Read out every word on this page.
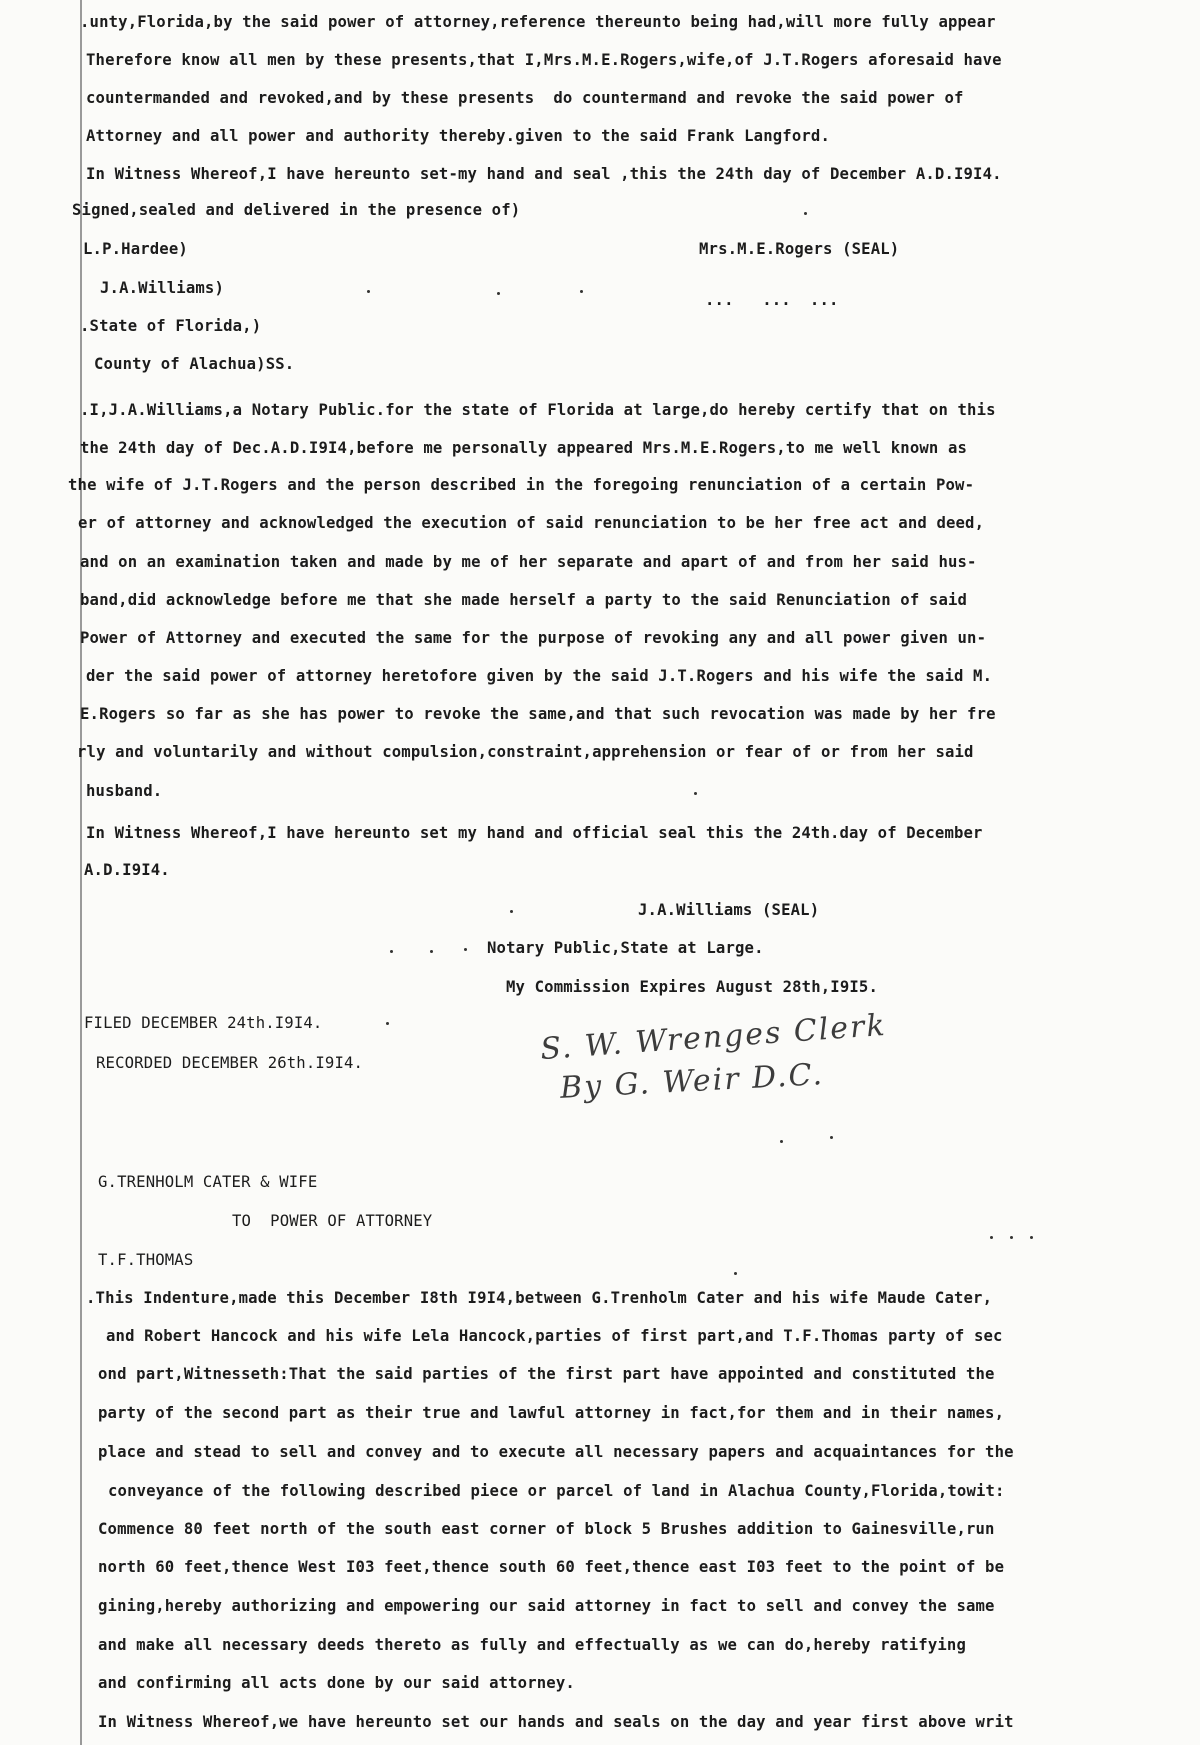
.unty,Florida,by the said power of attorney,reference thereunto being had,will more fully appear
Therefore know all men by these presents,that I,Mrs.M.E.Rogers,wife,of J.T.Rogers aforesaid have
countermanded and revoked,and by these presents  do countermand and revoke the said power of
Attorney and all power and authority thereby.given to the said Frank Langford.
In Witness Whereof,I have hereunto set-my hand and seal ,this the 24th day of December A.D.I9I4.
Signed,sealed and delivered in the presence of)
L.P.Hardee)	Mrs.M.E.Rogers (SEAL)
J.A.Williams)
...   ...  ...
.State of Florida,)
County of Alachua)SS.
.I,J.A.Williams,a Notary Public.for the state of Florida at large,do hereby certify that on this
the 24th day of Dec.A.D.I9I4,before me personally appeared Mrs.M.E.Rogers,to me well known as
the wife of J.T.Rogers and the person described in the foregoing renunciation of a certain Pow-
er of attorney and acknowledged the execution of said renunciation to be her free act and deed,
and on an examination taken and made by me of her separate and apart of and from her said hus-
band,did acknowledge before me that she made herself a party to the said Renunciation of said
Power of Attorney and executed the same for the purpose of revoking any and all power given un-
der the said power of attorney heretofore given by the said J.T.Rogers and his wife the said M.
E.Rogers so far as she has power to revoke the same,and that such revocation was made by her fre
rly and voluntarily and without compulsion,constraint,apprehension or fear of or from her said
husband.
In Witness Whereof,I have hereunto set my hand and official seal this the 24th.day of December
A.D.I9I4.
J.A.Williams (SEAL)
Notary Public,State at Large.
My Commission Expires August 28th,I9I5.
FILED DECEMBER 24th.I9I4.
RECORDED DECEMBER 26th.I9I4.	S. W. Wrenges Clerk
By G. Weir D.C.
G.TRENHOLM CATER & WIFE
TO  POWER OF ATTORNEY
T.F.THOMAS
.This Indenture,made this December I8th I9I4,between G.Trenholm Cater and his wife Maude Cater,
and Robert Hancock and his wife Lela Hancock,parties of first part,and T.F.Thomas party of sec
ond part,Witnesseth:That the said parties of the first part have appointed and constituted the
party of the second part as their true and lawful attorney in fact,for them and in their names,
place and stead to sell and convey and to execute all necessary papers and acquaintances for the
conveyance of the following described piece or parcel of land in Alachua County,Florida,towit:
Commence 80 feet north of the south east corner of block 5 Brushes addition to Gainesville,run
north 60 feet,thence West I03 feet,thence south 60 feet,thence east I03 feet to the point of be
gining,hereby authorizing and empowering our said attorney in fact to sell and convey the same
and make all necessary deeds thereto as fully and effectually as we can do,hereby ratifying
and confirming all acts done by our said attorney.
In Witness Whereof,we have hereunto set our hands and seals on the day and year first above writ
